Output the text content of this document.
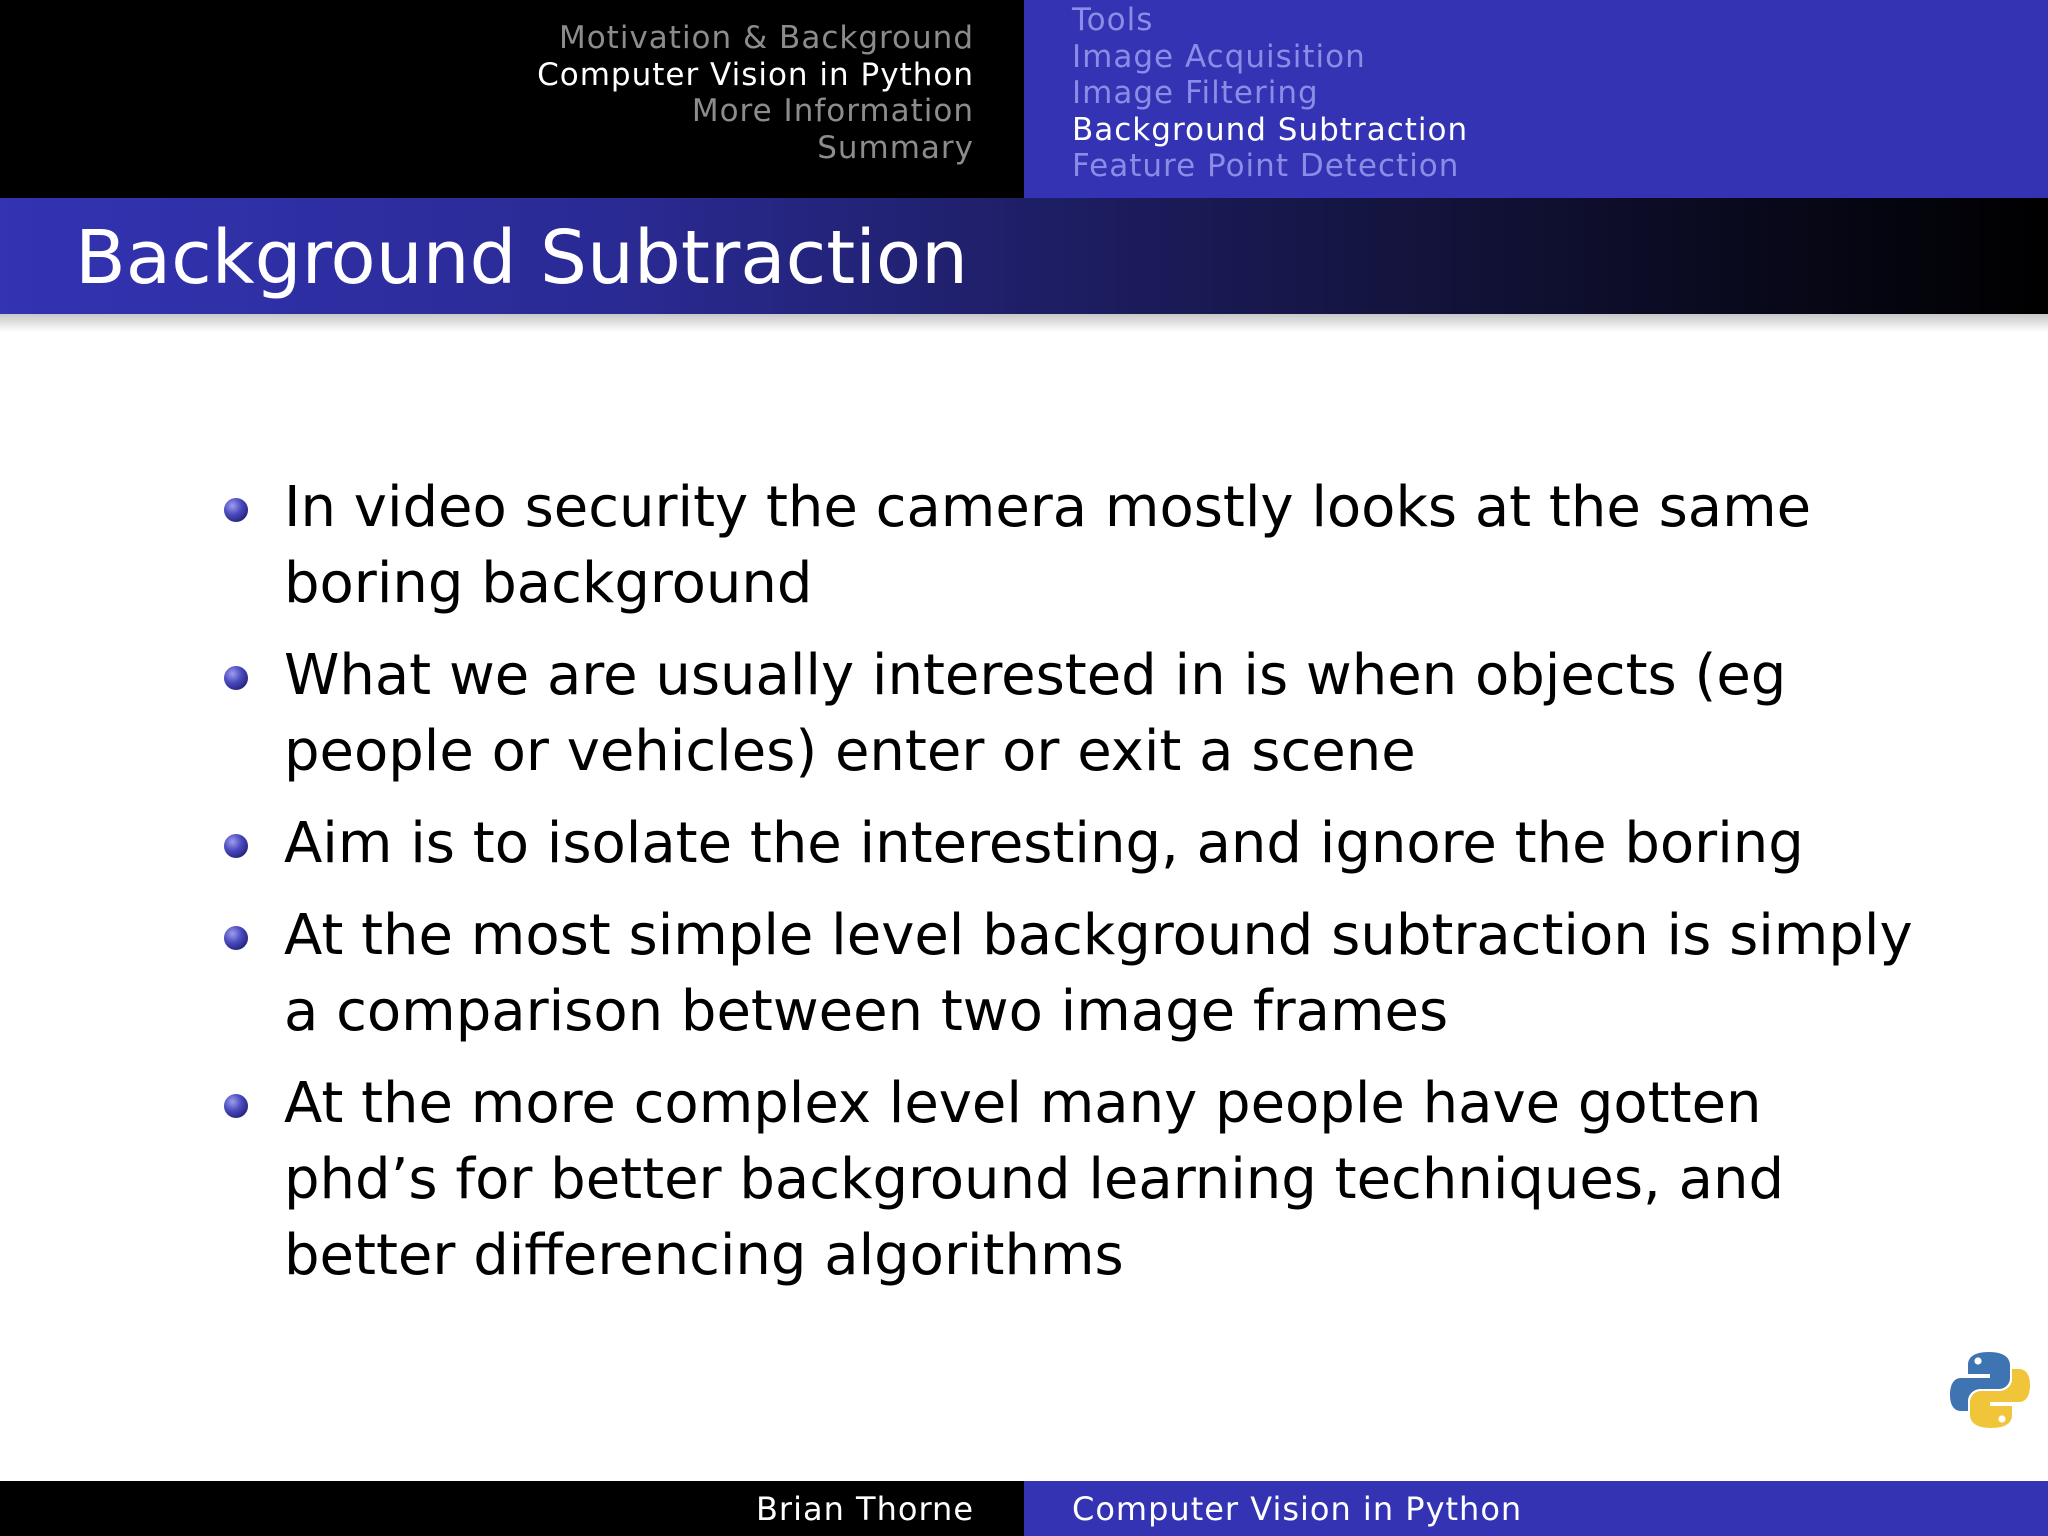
Motivation & Background
Computer Vision in Python
More Information
Summary
Tools
Image Acquisition
Image Filtering
Background Subtraction
Feature Point Detection
Background Subtraction
In video security the camera mostly looks at the same boring background
What we are usually interested in is when objects (eg people or vehicles) enter or exit a scene
Aim is to isolate the interesting, and ignore the boring
At the most simple level background subtraction is simply a comparison between two image frames
At the more complex level many people have gotten phd’s for better background learning techniques, and better differencing algorithms
Brian Thorne	Computer Vision in Python
